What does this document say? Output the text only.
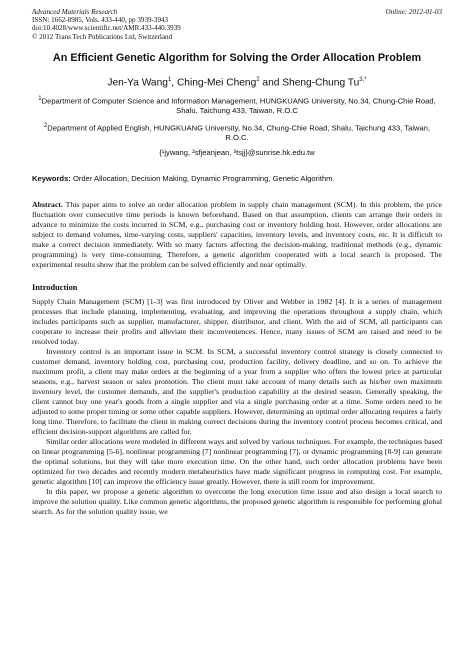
Advanced Materials Research
ISSN: 1662-8985, Vols. 433-440, pp 3939-3943
doi:10.4028/www.scientific.net/AMR.433-440.3939
© 2012 Trans Tech Publications Ltd, Switzerland
Online: 2012-01-03
An Efficient Genetic Algorithm for Solving the Order Allocation Problem
Jen-Ya Wang$^1$, Ching-Mei Cheng$^2$ and Sheng-Chung $Tu^{3,*}$
$^1$Department of Computer Science and Information Management, HUNGKUANG University, No.34, Chung-Chie Road, Shalu, Taichung 433, Taiwan, R.O.C
$^2$Department of Applied English, HUNGKUANG University, No.34, Chung-Chie Road, Shalu, Taichung 433, Taiwan, R.O.C.
{¹jywang, ²sfjeanjean, ³tsjj}@sunrise.hk.edu.tw
Keywords: Order Allocation, Decision Making, Dynamic Programming, Genetic Algorithm.
Abstract. This paper aims to solve an order allocation problem in supply chain management (SCM). In this problem, the price fluctuation over consecutive time periods is known beforehand. Based on that assumption, clients can arrange their orders in advance to minimize the costs incurred in SCM, e.g., purchasing cost or inventory holding host. However, order allocations are subject to demand volumes, time-varying costs, suppliers' capacities, inventory levels, and inventory costs, etc. It is difficult to make a correct decision immediately. With so many factors affecting the decision-making, traditional methods (e.g., dynamic programming) is very time-consuming. Therefore, a genetic algorithm cooperated with a local search is proposed. The experimental results show that the problem can be solved efficiently and near optimally.
Introduction
Supply Chain Management (SCM) [1-3] was first introduced by Oliver and Webber in 1982 [4]. It is a series of management processes that include planning, implementing, evaluating, and improving the operations throughout a supply chain, which includes participants such as supplier, manufacturer, shipper, distributor, and client. With the aid of SCM, all participants can cooperate to increase their profits and alleviate their inconveniences. Hence, many issues of SCM are raised and need to be resolved today.
Inventory control is an important issue in SCM. In SCM, a successful inventory control strategy is closely connected to customer demand, inventory holding cost, purchasing cost, production facility, delivery deadline, and so on. To achieve the maximum profit, a client may make orders at the beginning of a year from a supplier who offers the lowest price at particular seasons, e.g., harvest season or sales promotion. The client must take account of many details such as his/her own maximum inventory level, the customer demands, and the supplier's production capability at the desired season. Generally speaking, the client cannot buy one year's goods from a single supplier and via a single purchasing order at a time. Some orders need to be adjusted to some proper timing or some other capable suppliers. However, determining an optimal order allocating requires a fairly long time. Therefore, to facilitate the client in making correct decisions during the inventory control process becomes critical, and efficient decision-support algorithms are called for.
Similar order allocations were modeled in different ways and solved by various techniques. For example, the techniques based on linear programming [5-6], nonlinear programming [7] nonlinear programming [7], or dynamic programming [8-9] can generate the optimal solutions, but they will take more execution time. On the other hand, such order allocation problems have been optimized for two decades and recently modern metaheuristics have made significant progress in computing cost. For example, genetic algorithm [10] can improve the efficiency issue greatly. However, there is still room for improvement.
In this paper, we propose a genetic algorithm to overcome the long execution time issue and also design a local search to improve the solution quality. Like common genetic algorithms, the proposed genetic algorithm is responsible for performing global search. As for the solution quality issue, we
